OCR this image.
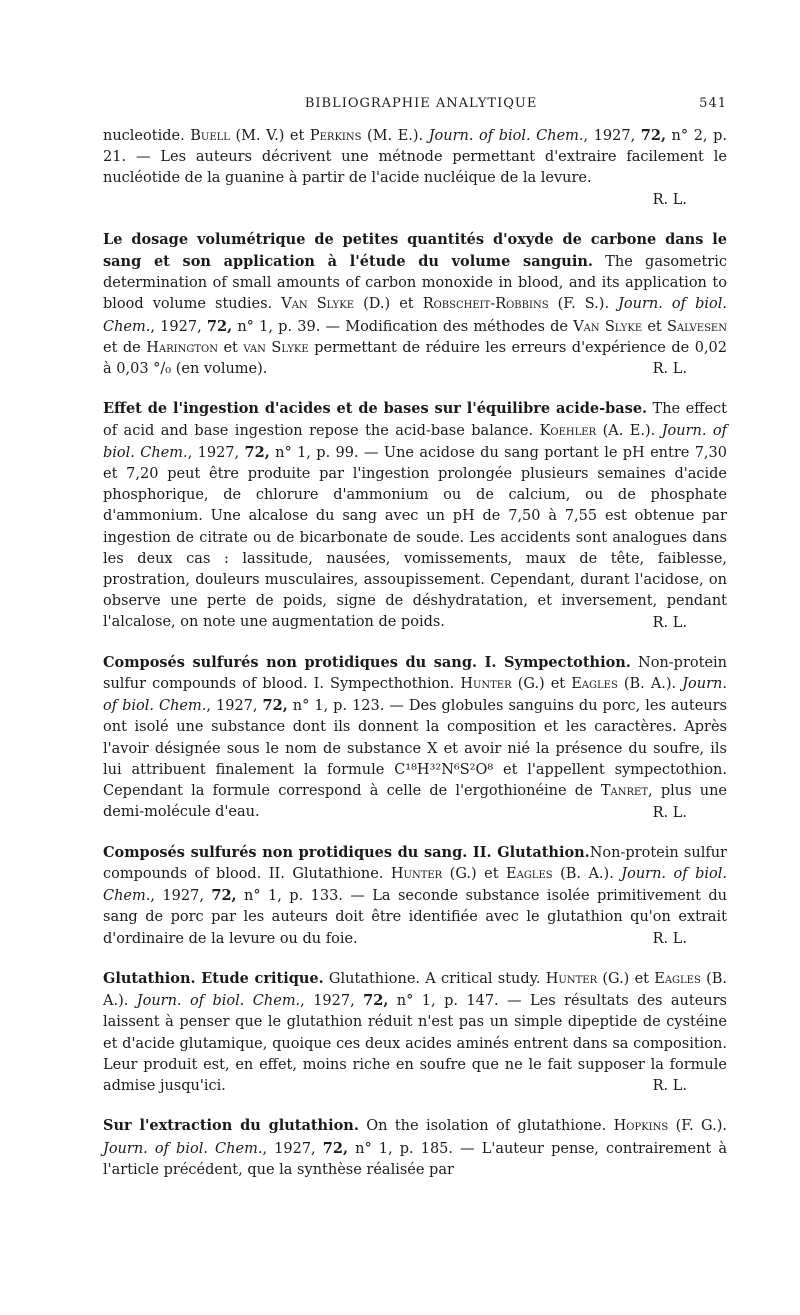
BIBLIOGRAPHIE ANALYTIQUE	541

nucleotide. Buell (M. V.) et Perkins (M. E.). Journ. of biol. Chem., 1927, 72, n° 2, p. 21. — Les auteurs décrivent une métnode permettant d'extraire facilement le nucléotide de la guanine à partir de l'acide nucléique de la levure.

R. L.

Le dosage volumétrique de petites quantités d'oxyde de carbone dans le sang et son application à l'étude du volume sanguin. The gasometric determination of small amounts of carbon monoxide in blood, and its application to blood volume studies. Van Slyke (D.) et Robscheit-Robbins (F. S.). Journ. of biol. Chem., 1927, 72, n° 1, p. 39. — Modification des méthodes de Van Slyke et Salvesen et de Harington et van Slyke permettant de réduire les erreurs d'expérience de 0,02 à 0,03 °/₀ (en volume).	R. L.

Effet de l'ingestion d'acides et de bases sur l'équilibre acide-base. The effect of acid and base ingestion repose the acid-base balance. Koehler (A. E.). Journ. of biol. Chem., 1927, 72, n° 1, p. 99. — Une acidose du sang portant le pH entre 7,30 et 7,20 peut être produite par l'ingestion prolongée plusieurs semaines d'acide phosphorique, de chlorure d'ammonium ou de calcium, ou de phosphate d'ammonium. Une alcalose du sang avec un pH de 7,50 à 7,55 est obtenue par ingestion de citrate ou de bicarbonate de soude. Les accidents sont analogues dans les deux cas : lassitude, nausées, vomissements, maux de tête, faiblesse, prostration, douleurs musculaires, assoupissement. Cependant, durant l'acidose, on observe une perte de poids, signe de déshydratation, et inversement, pendant l'alcalose, on note une augmentation de poids.	R. L.

Composés sulfurés non protidiques du sang. I. Sympectothion. Non-protein sulfur compounds of blood. I. Sympecthothion. Hunter (G.) et Eagles (B. A.). Journ. of biol. Chem., 1927, 72, n° 1, p. 123. — Des globules sanguins du porc, les auteurs ont isolé une substance dont ils donnent la composition et les caractères. Après l'avoir désignée sous le nom de substance X et avoir nié la présence du soufre, ils lui attribuent finalement la formule C¹⁸H³²N⁶S²O⁸ et l'appellent sympectothion. Cependant la formule correspond à celle de l'ergothionéine de Tanret, plus une demi-molécule d'eau.	R. L.

Composés sulfurés non protidiques du sang. II. Glutathion.Non-protein sulfur compounds of blood. II. Glutathione. Hunter (G.) et Eagles (B. A.). Journ. of biol. Chem., 1927, 72, n° 1, p. 133. — La seconde substance isolée primitivement du sang de porc par les auteurs doit être identifiée avec le glutathion qu'on extrait d'ordinaire de la levure ou du foie.	R. L.

Glutathion. Etude critique. Glutathione. A critical study. Hunter (G.) et Eagles (B. A.). Journ. of biol. Chem., 1927, 72, n° 1, p. 147. — Les résultats des auteurs laissent à penser que le glutathion réduit n'est pas un simple dipeptide de cystéine et d'acide glutamique, quoique ces deux acides aminés entrent dans sa composition. Leur produit est, en effet, moins riche en soufre que ne le fait supposer la formule admise jusqu'ici.	R. L.

Sur l'extraction du glutathion. On the isolation of glutathione. Hopkins (F. G.). Journ. of biol. Chem., 1927, 72, n° 1, p. 185. — L'auteur pense, contrairement à l'article précédent, que la synthèse réalisée par
